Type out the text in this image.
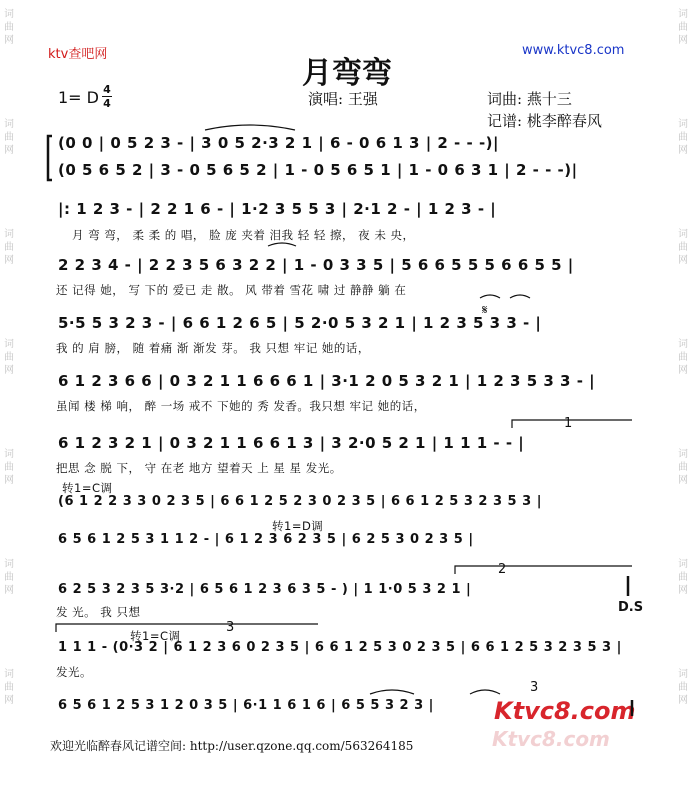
词曲网
词曲网
词曲网
词曲网
词曲网
词曲网
词曲网
词曲网
词曲网
词曲网
词曲网
词曲网
词曲网
词曲网
ktv查吧网	www.ktvc8.com
月弯弯
1= D 4
4	演唱: 王强	词曲: 燕十三
记谱: 桃李醉春风
(0 0 | 0 5 2 3 - | 3 0 5 2·3 2 1 | 6 - 0 6 1 3 | 2 - - -)|
(0 5 6 5 2 | 3 - 0 5 6 5 2 | 1 - 0 5 6 5 1 | 1 - 0 6 3 1 | 2 - - -)|
|: 1 2 3 - | 2 2 1 6 - | 1·2 3 5 5 3 | 2·1 2 - | 1 2 3 - |
月 弯 弯， 柔 柔 的 唱， 脸 庞 夹着 泪我 轻 轻 擦， 夜 未 央，
2 2 3 4 - | 2 2 3 5 6 3 2 2 | 1 - 0 3 3 5 | 5 6 6 5 5 5 6 6 5 5 |
还 记得 她， 写 下的 爱已 走 散。 风 带着 雪花 啸 过 静静 躺 在
5·5 5 3 2 3 - | 6 6 1 2 6 5 | 5 2·0 5 3 2 1 | 1 2 3 5 3 3 - |
我 的 肩 膀， 随 着痛 渐 渐发 芽。 我 只想 牢记 她的话，
6 1 2 3 6 6 | 0 3 2 1 1 6 6 6 1 | 3·1 2 0 5 3 2 1 | 1 2 3 5 3 3 - |
虽闻 楼 梯 响， 醉 一场 戒不 下她的 秀 发香。我只想 牢记 她的话，
6 1 2 3 2 1 | 0 3 2 1 1 6 6 1 3 | 3 2·0 5 2 1 | 1 1 1 - - |
把思 念 脱 下， 守 在老 地方 望着天 上 星 星 发光。
(6 1 2 2 3 3 0 2 3 5 | 6 6 1 2 5 2 3 0 2 3 5 | 6 6 1 2 5 3 2 3 5 3 |
6 5 6 1 2 5 3 1 1 2 - | 6 1 2 3 6 2 3 5 | 6 2 5 3 0 2 3 5 |
6 2 5 3 2 3 5 3·2 | 6 5 6 1 2 3 6 3 5 - ) | 1 1·0 5 3 2 1 |
发 光。 我 只想
1 1 1 - (0·3 2 | 6 1 2 3 6 0 2 3 5 | 6 6 1 2 5 3 0 2 3 5 | 6 6 1 2 5 3 2 3 5 3 |
发光。
6 5 6 1 2 5 3 1 2 0 3 5 | 6·1 1 6 1 6 | 6 5 5 3 2 3 |
1
2
3
3
转1=C调
转1=D调
转1=C调
D.S
𝄋
欢迎光临醉春风记谱空间: http://user.qzone.qq.com/563264185
Ktvc8.com
Ktvc8.com
